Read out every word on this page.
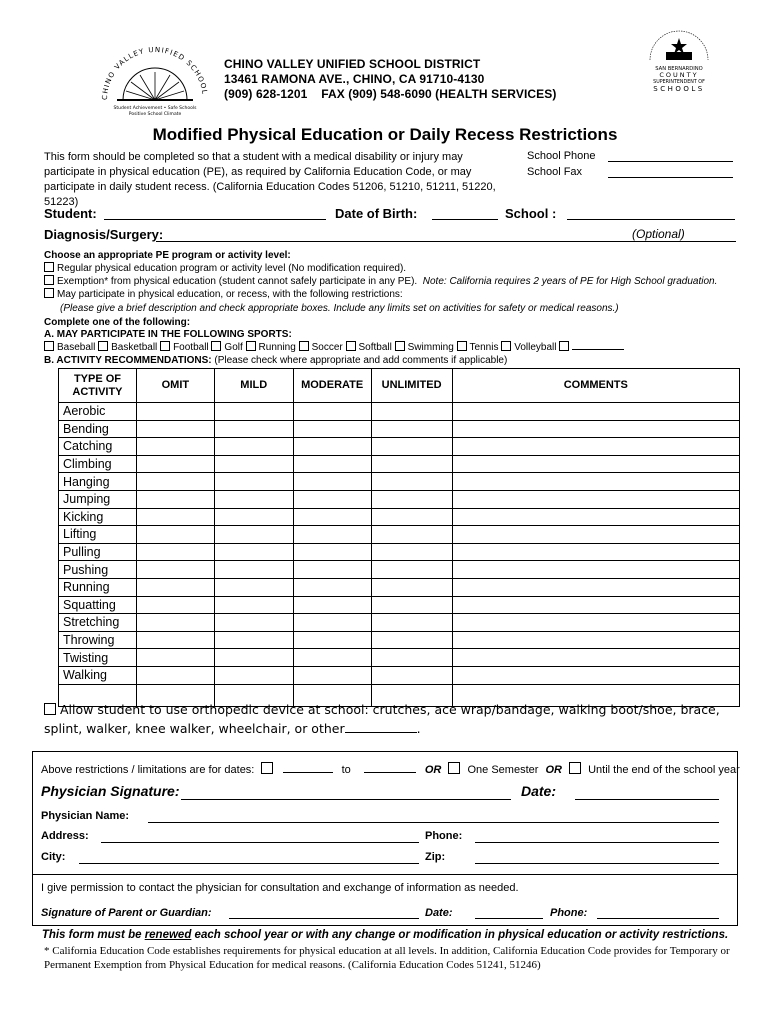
CHINO VALLEY UNIFIED SCHOOL
Student Achievement • Safe Schools
Positive School Climate
CHINO VALLEY UNIFIED SCHOOL DISTRICT
13461 RAMONA AVE., CHINO, CA 91710-4130
(909) 628-1201 FAX (909) 548-6090 (HEALTH SERVICES)
SAN BERNARDINO
COUNTY
SUPERINTENDENT OF
SCHOOLS
Modified Physical Education or Daily Recess Restrictions
This form should be completed so that a student with a medical disability or injury may participate in physical education (PE), as required by California Education Code, or may participate in daily student recess. (California Education Codes 51206, 51210, 51211, 51220, 51223)
School Phone
School Fax
Student:	Date of Birth:	School :
Diagnosis/Surgery:	(Optional)
Choose an appropriate PE program or activity level:
Regular physical education program or activity level (No modification required).
Exemption* from physical education (student cannot safely participate in any PE). Note: California requires 2 years of PE for High School graduation.
May participate in physical education, or recess, with the following restrictions:
(Please give a brief description and check appropriate boxes. Include any limits set on activities for safety or medical reasons.)
Complete one of the following:
A. MAY PARTICIPATE IN THE FOLLOWING SPORTS:
Baseball Basketball Football Golf Running Soccer Softball Swimming Tennis Volleyball
B. ACTIVITY RECOMMENDATIONS: (Please check where appropriate and add comments if applicable)
TYPE OF ACTIVITY	OMIT	MILD	MODERATE	UNLIMITED	COMMENTS
Aerobic					
Bending					
Catching					
Climbing					
Hanging					
Jumping					
Kicking					
Lifting					
Pulling					
Pushing					
Running					
Squatting					
Stretching					
Throwing					
Twisting					
Walking					

Allow student to use orthopedic device at school: crutches, ace wrap/bandage, walking boot/shoe, brace, splint, walker, knee walker, wheelchair, or other	.
Above restrictions / limitations are for dates:	to	OR One Semester OR Until the end of the school year
Physician Signature:	Date:
Physician Name:
Address:	Phone:
City:	Zip:
I give permission to contact the physician for consultation and exchange of information as needed.
Signature of Parent or Guardian:	Date:	Phone:
This form must be renewed each school year or with any change or modification in physical education or activity restrictions.
* California Education Code establishes requirements for physical education at all levels. In addition, California Education Code provides for Temporary or Permanent Exemption from Physical Education for medical reasons. (California Education Codes 51241, 51246)
